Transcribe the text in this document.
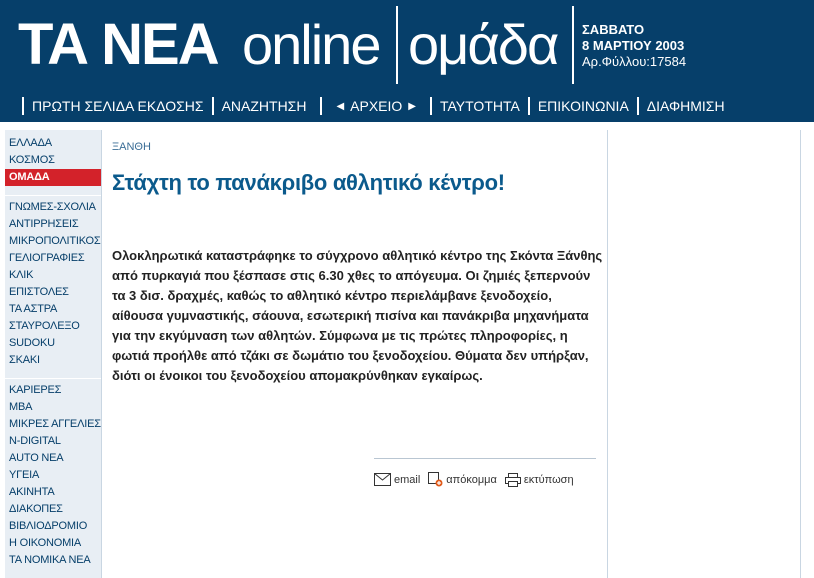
ΤΑ ΝΕΑ online ομάδα ΣΑΒΒΑΤΟ
8 ΜΑΡΤΙΟΥ 2003
Αρ.Φύλλου:17584
ΠΡΩΤΗ ΣΕΛΙΔΑ ΕΚΔΟΣΗΣ ΑΝΑΖΗΤΗΣΗ	◀ ΑΡΧΕΙΟ ▶ ΤΑΥΤΟΤΗΤΑ ΕΠΙΚΟΙΝΩΝΙΑ ΔΙΑΦΗΜΙΣΗ
ΕΛΛΑΔΑ
ΚΟΣΜΟΣ
ΟΜΑΔΑ
ΓΝΩΜΕΣ-ΣΧΟΛΙΑ
ΑΝΤΙΡΡΗΣΕΙΣ
ΜΙΚΡΟΠΟΛΙΤΙΚΟΣ
ΓΕΛΙΟΓΡΑΦΙΕΣ
ΚΛΙΚ
ΕΠΙΣΤΟΛΕΣ
ΤΑ ΑΣΤΡΑ
ΣΤΑΥΡΟΛΕΞΟ
SUDOKU
ΣΚΑΚΙ
ΚΑΡΙΕΡΕΣ
MBA
ΜΙΚΡΕΣ ΑΓΓΕΛΙΕΣ
N-DIGITAL
AUTO ΝΕΑ
ΥΓΕΙΑ
ΑΚΙΝΗΤΑ
ΔΙΑΚΟΠΕΣ
ΒΙΒΛΙΟΔΡΟΜΙΟ
Η ΟΙΚΟΝΟΜΙΑ
ΤΑ ΝΟΜΙΚΑ ΝΕΑ
ΞΑΝΘΗ
Στάχτη το πανάκριβο αθλητικό κέντρο!

Ολοκληρωτικά καταστράφηκε το σύγχρονο αθλητικό κέντρο της Σκόντα Ξάνθης από πυρκαγιά που ξέσπασε στις 6.30 χθες το απόγευμα. Οι ζημιές ξεπερνούν τα 3 δισ. δραχμές, καθώς το αθλητικό κέντρο περιελάμβανε ξενοδοχείο, αίθουσα γυμναστικής, σάουνα, εσωτερική πισίνα και πανάκριβα μηχανήματα για την εκγύμναση των αθλητών. Σύμφωνα με τις πρώτες πληροφορίες, η φωτιά προήλθε από τζάκι σε δωμάτιο του ξενοδοχείου. Θύματα δεν υπήρξαν, διότι οι ένοικοι του ξενοδοχείου απομακρύνθηκαν εγκαίρως.

email απόκομμα εκτύπωση
